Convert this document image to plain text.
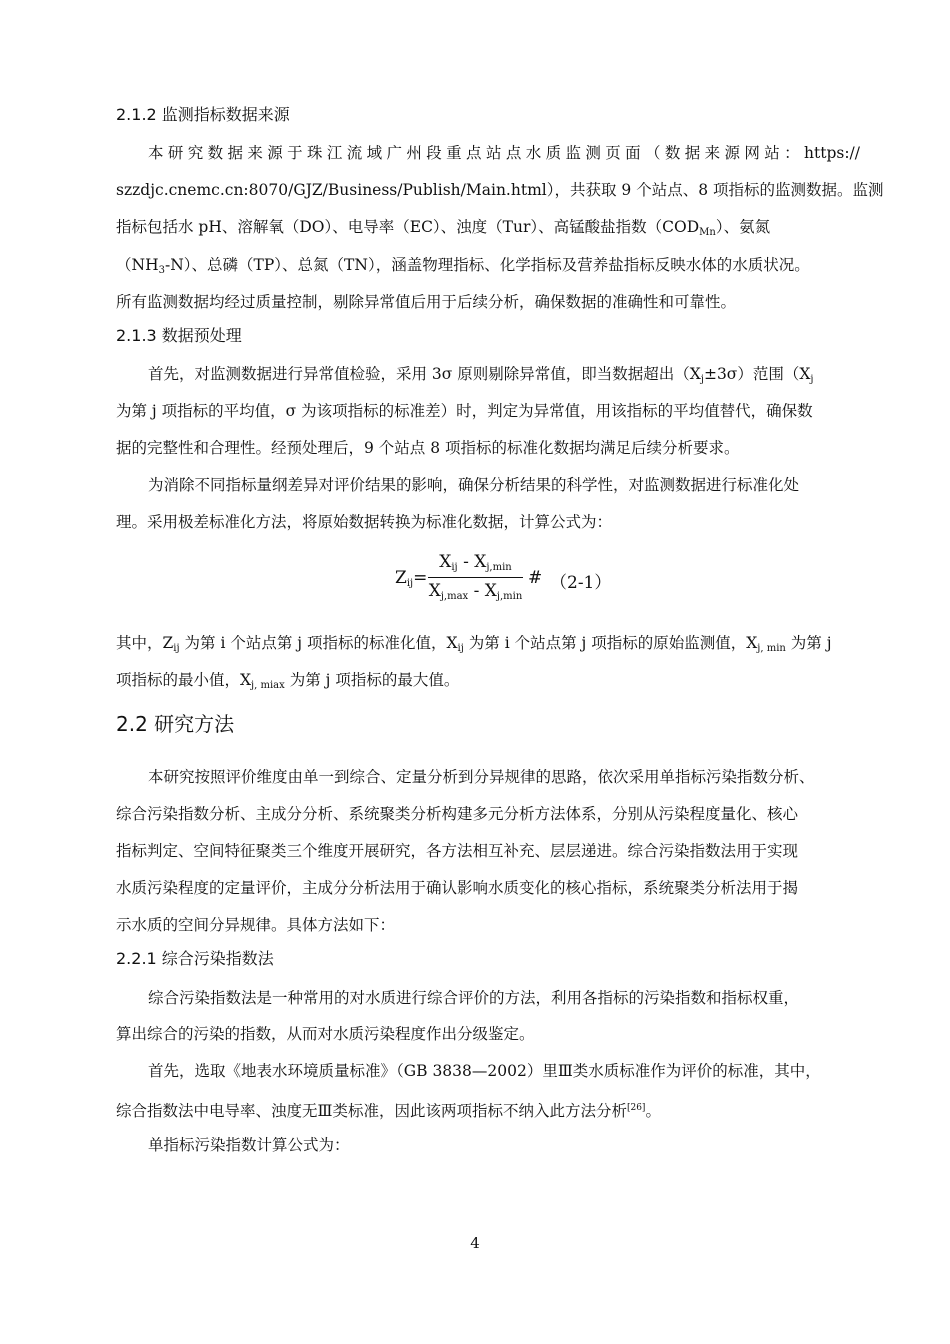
2.1.2 监测指标数据来源
本研究数据来源于珠江流域广州段重点站点水质监测页面（数据来源网站：https://
szzdjc.cnemc.cn:8070/GJZ/Business/Publish/Main.html），共获取 9 个站点、8 项指标的监测数据。监测
指标包括水 pH、溶解氧（DO）、电导率（EC）、浊度（Tur）、高锰酸盐指数$(COD_{Mn})$、氨氮
$(NH_3-N)$、总磷（TP）、总氮（TN），涵盖物理指标、化学指标及营养盐指标反映水体的水质状况。
所有监测数据均经过质量控制，剔除异常值后用于后续分析，确保数据的准确性和可靠性。
2.1.3 数据预处理
首先，对监测数据进行异常值检验，采用 3σ 原则剔除异常值，即当数据超出$(X_j\pm 3\sigma)$范围（$X_j$
为第 j 项指标的平均值，σ 为该项指标的标准差）时，判定为异常值，用该指标的平均值替代，确保数
据的完整性和合理性。经预处理后，9 个站点 8 项指标的标准化数据均满足后续分析要求。
为消除不同指标量纲差异对评价结果的影响，确保分析结果的科学性，对监测数据进行标准化处
理。采用极差标准化方法，将原始数据转换为标准化数据，计算公式为：
$Z_{ij}=$
$X_{ij} - X_{j,min}$
$X_{j,max} - X_{j,min}$
# （2-1）
其中，$Z_{ij}$ 为第 i 个站点第 j 项指标的标准化值，$X_{ij}$ 为第 i 个站点第 j 项指标的原始监测值，$X_{j, min}$ 为第 j
项指标的最小值，$X_{j, miax}$ 为第 j 项指标的最大值。
2.2 研究方法
本研究按照评价维度由单一到综合、定量分析到分异规律的思路，依次采用单指标污染指数分析、
综合污染指数分析、主成分分析、系统聚类分析构建多元分析方法体系，分别从污染程度量化、核心
指标判定、空间特征聚类三个维度开展研究，各方法相互补充、层层递进。综合污染指数法用于实现
水质污染程度的定量评价，主成分分析法用于确认影响水质变化的核心指标，系统聚类分析法用于揭
示水质的空间分异规律。具体方法如下：
2.2.1 综合污染指数法
综合污染指数法是一种常用的对水质进行综合评价的方法，利用各指标的污染指数和指标权重，
算出综合的污染的指数，从而对水质污染程度作出分级鉴定。
首先，选取《地表水环境质量标准》（GB 3838—2002）里Ⅲ类水质标准作为评价的标准，其中，
综合指数法中电导率、浊度无Ⅲ类标准，因此该两项指标不纳入此方法分析[26]。
单指标污染指数计算公式为：
4
